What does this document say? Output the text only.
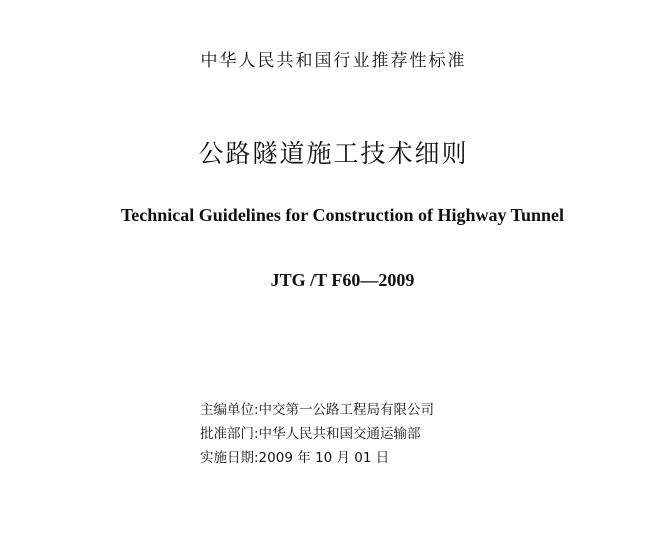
中华人民共和国行业推荐性标准
公路隧道施工技术细则
Technical Guidelines for Construction of Highway Tunnel
JTG /T F60—2009
主编单位:中交第一公路工程局有限公司
批准部门:中华人民共和国交通运输部
实施日期:2009 年 10 月 01 日
